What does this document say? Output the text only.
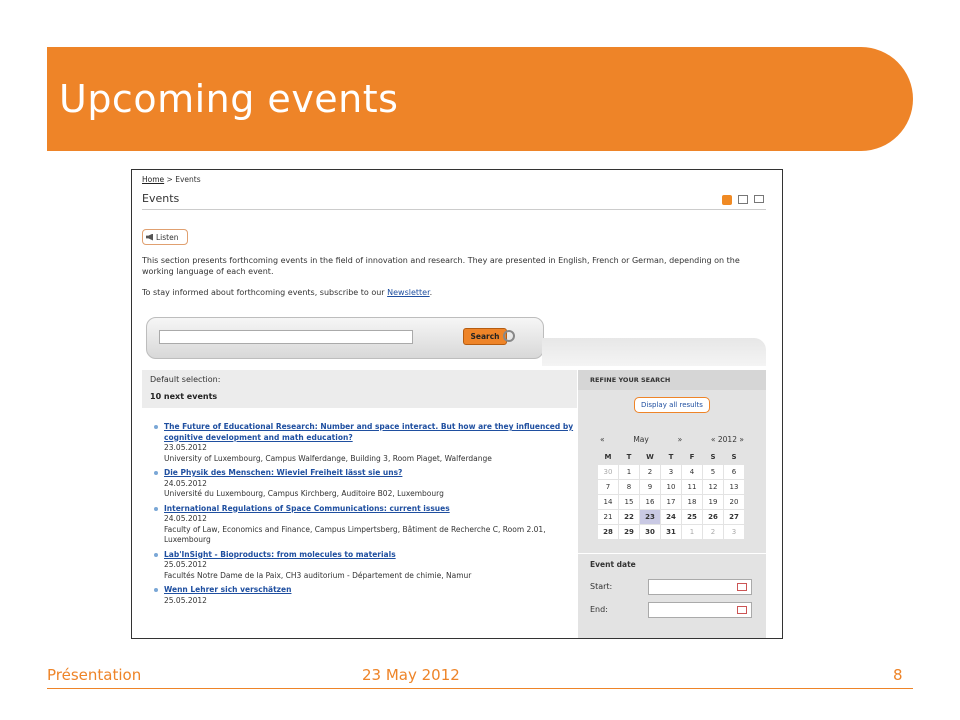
Upcoming events
Home > Events
Events
Listen
This section presents forthcoming events in the field of innovation and research. They are presented in English, French or German, depending on the working language of each event.
To stay informed about forthcoming events, subscribe to our Newsletter.
Search
Default selection:
10 next events
The Future of Educational Research: Number and space interact. But how are they influenced by cognitive development and math education?
23.05.2012
University of Luxembourg, Campus Walferdange, Building 3, Room Piaget, Walferdange
Die Physik des Menschen: Wieviel Freiheit lässt sie uns?
24.05.2012
Université du Luxembourg, Campus Kirchberg, Auditoire B02, Luxembourg
International Regulations of Space Communications: current issues
24.05.2012
Faculty of Law, Economics and Finance, Campus Limpertsberg, Bâtiment de Recherche C, Room 2.01, Luxembourg
Lab'InSight - Bioproducts: from molecules to materials
25.05.2012
Facultés Notre Dame de la Paix, CH3 auditorium - Département de chimie, Namur
Wenn Lehrer sich verschätzen
25.05.2012
REFINE YOUR SEARCH
Display all results
«	May	»	« 2012 »
M	T	W	T	F	S	S
30	1	2	3	4	5	6
7	8	9	10	11	12	13
14	15	16	17	18	19	20
21	22	23	24	25	26	27
28	29	30	31	1	2	3
Event date
Start:
End:
Présentation	23 May 2012	8
